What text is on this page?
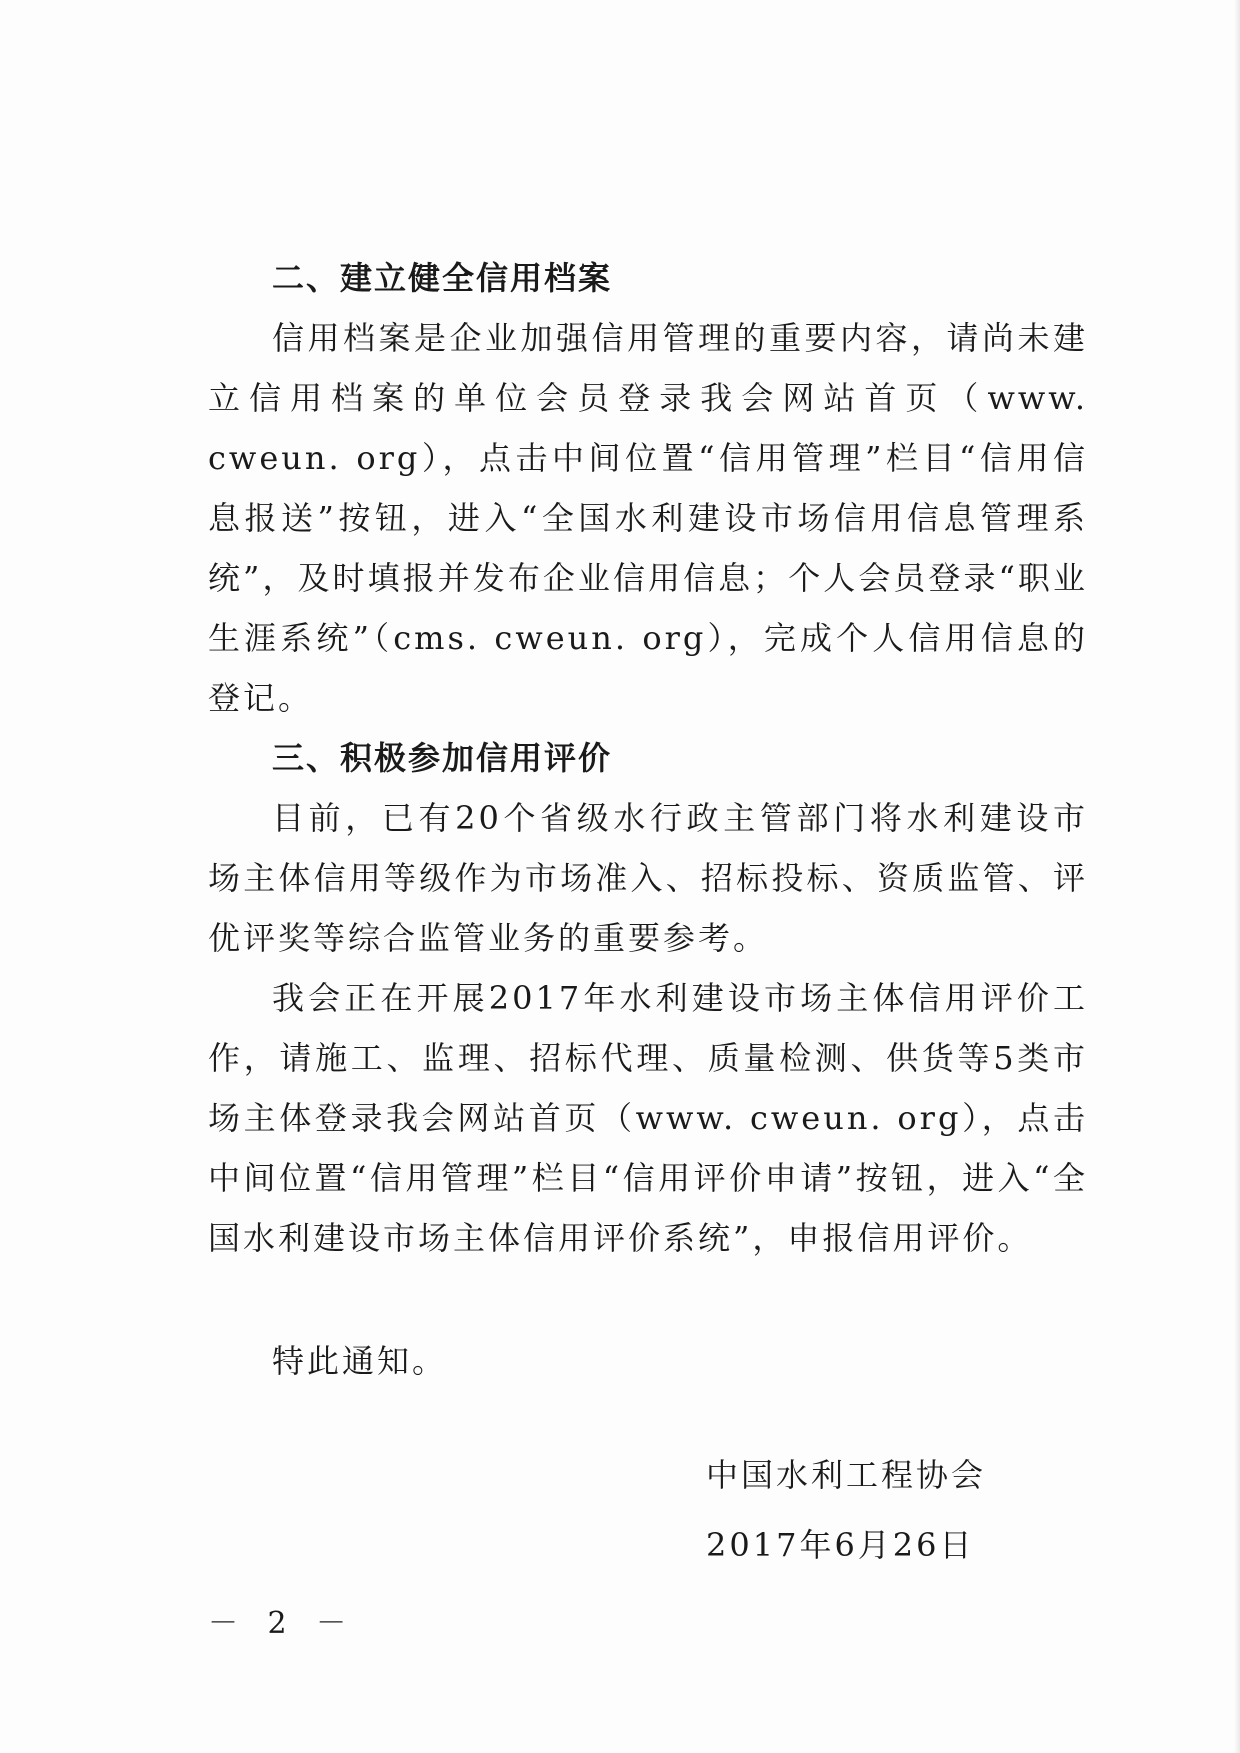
二、建立健全信用档案

信用档案是企业加强信用管理的重要内容，请尚未建立信用档案的单位会员登录我会网站首页（www. cweun. org），点击中间位置“信用管理”栏目“信用信息报送”按钮，进入“全国水利建设市场信用信息管理系统”，及时填报并发布企业信用信息；个人会员登录“职业生涯系统”（cms. cweun. org），完成个人信用信息的登记。

三、积极参加信用评价

目前，已有20个省级水行政主管部门将水利建设市场主体信用等级作为市场准入、招标投标、资质监管、评优评奖等综合监管业务的重要参考。

我会正在开展2017年水利建设市场主体信用评价工作，请施工、监理、招标代理、质量检测、供货等5类市场主体登录我会网站首页（www. cweun. org），点击中间位置“信用管理”栏目“信用评价申请”按钮，进入“全国水利建设市场主体信用评价系统”，申报信用评价。

特此通知。

中国水利工程协会
2017年6月26日
－ 2 －
